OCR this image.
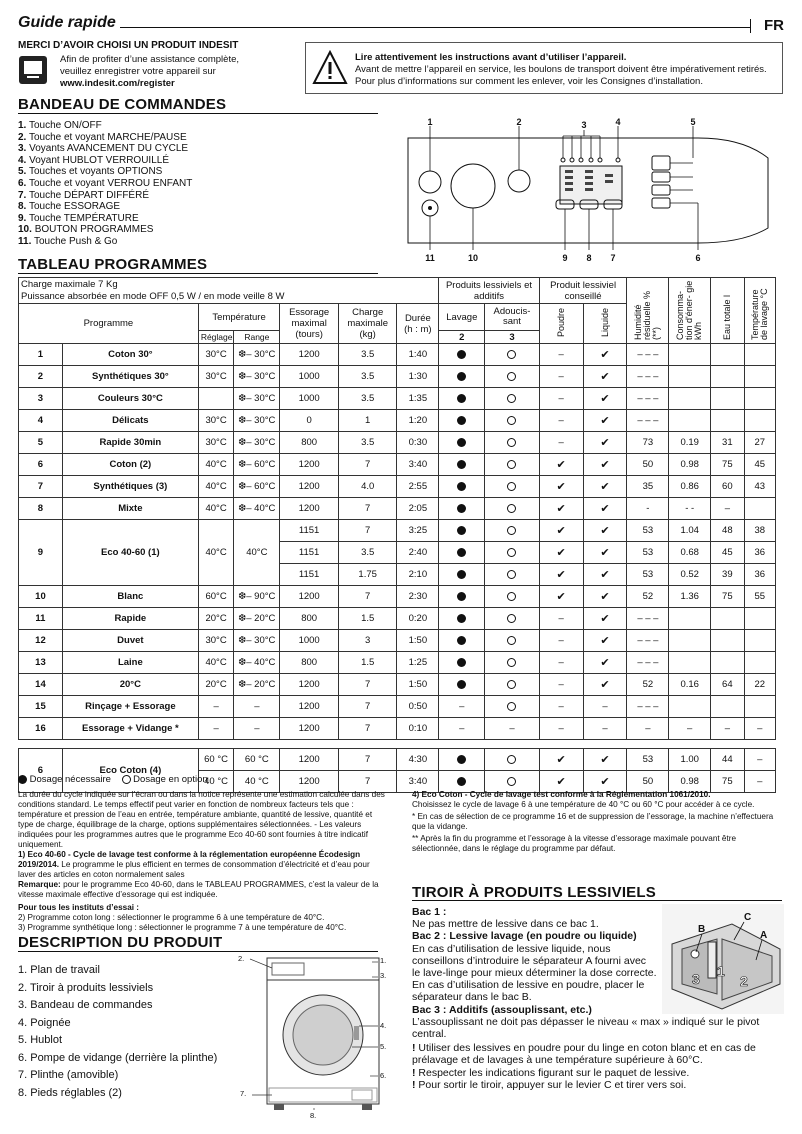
Guide rapide	FR
MERCI D’AVOIR CHOISI UN PRODUIT INDESIT
Afin de profiter d’une assistance complète,
veuillez enregistrer votre appareil sur
www.indesit.com/register
Lire attentivement les instructions avant d’utiliser l’appareil.
Avant de mettre l’appareil en service, les boulons de transport doivent être impérativement retirés. Pour plus d’informations sur comment les enlever, voir les Consignes d’installation.
BANDEAU DE COMMANDES
1. Touche ON/OFF
2. Touche et voyant MARCHE/PAUSE
3. Voyants AVANCEMENT DU CYCLE
4. Voyant HUBLOT VERROUILLÉ
5. Touches et voyants OPTIONS
6. Touche et voyant VERROU ENFANT
7. Touche DÉPART DIFFÉRÉ
8. Touche ESSORAGE
9. Touche TEMPÉRATURE
10. BOUTON PROGRAMMES
11. Touche Push & Go
1	2	3	4	5
6
7
8
9
10
11
TABLEAU PROGRAMMES
Charge maximale 7 Kg							Produits lessiviels et additifs		Produit lessiviel conseillé		Humidité résiduelle % (**)	Consomma- tion d'éner- gie kWh	Eau totale l	Température de lavage °C
Puissance absorbée en mode OFF 0,5 W / en mode veille 8 W														
Programme		Température		Essorage maximal
(tours)	Charge maximale
(kg)	Durée
(h : m)	Lavage	Adoucis- sant	Poudre	Liquide				
		Réglage	Range				2	3						
1	Coton 30°	30°C	❆– 30°C	1200	3.5	1:40			–	✔	– – –			
2	Synthétiques 30°	30°C	❆– 30°C	1000	3.5	1:30			–	✔	– – –			
3	Couleurs 30°C		❆– 30°C	1000	3.5	1:35			–	✔	– – –			
4	Délicats	30°C	❆– 30°C	0	1	1:20			–	✔	– – –			
5	Rapide 30min	30°C	❆– 30°C	800	3.5	0:30			–	✔	73	0.19	31	27
6	Coton (2)	40°C	❆– 60°C	1200	7	3:40			✔	✔	50	0.98	75	45
7	Synthétiques (3)	40°C	❆– 60°C	1200	4.0	2:55			✔	✔	35	0.86	60	43
8	Mixte	40°C	❆– 40°C	1200	7	2:05			✔	✔	-	- -	–	
9	Eco 40-60 (1)	40°C	40°C	1151	7	3:25			✔	✔	53	1.04	48	38
				1151	3.5	2:40			✔	✔	53	0.68	45	36
				1151	1.75	2:10			✔	✔	53	0.52	39	36
10	Blanc	60°C	❆– 90°C	1200	7	2:30			✔	✔	52	1.36	75	55
11	Rapide	20°C	❆– 20°C	800	1.5	0:20			–	✔	– – –			
12	Duvet	30°C	❆– 30°C	1000	3	1:50			–	✔	– – –			
13	Laine	40°C	❆– 40°C	800	1.5	1:25			–	✔	– – –			
14	20°C	20°C	❆– 20°C	1200	7	1:50			–	✔	52	0.16	64	22
15	Rinçage + Essorage	–	–	1200	7	0:50	–		–	–	– – –			
16	Essorage + Vidange *	–	–	1200	7	0:10	–	–	–	–	–	–	–	–

6	Eco Coton (4)	60 °C	60 °C	1200	7	4:30			✔	✔	53	1.00	44	–
		40 °C	40 °C	1200	7	3:40			✔	✔	50	0.98	75	–
Dosage nécessaire Dosage en option

La durée du cycle indiquée sur l’écran ou dans la notice représente une estimation calculée dans des conditions standard. Le temps effectif peut varier en fonction de nombreux facteurs tels que : température et pression de l’eau en entrée, température ambiante, quantité de lessive, quantité et type de charge, équilibrage de la charge, options supplémentaires sélectionnées. - Les valeurs indiquées pour les programmes autres que le programme Eco 40-60 sont fournies à titre indicatif uniquement.

1) Eco 40-60 - Cycle de lavage test conforme à la réglementation européenne Écodesign 2019/2014. Le programme le plus efficient en termes de consommation d’électricité et d’eau pour laver des articles en coton normalement sales

Remarque: pour le programme Eco 40-60, dans le TABLEAU PROGRAMMES, c’est la valeur de la vitesse maximale effective d’essorage qui est indiquée.

Pour tous les instituts d’essai :

2) Programme coton long : sélectionner le programme 6 à une température de 40°C.

3) Programme synthétique long : sélectionner le programme 7 à une température de 40°C.

4) Eco Coton - Cycle de lavage test conforme à la Réglementation 1061/2010.

Choisissez le cycle de lavage 6 à une température de 40 °C ou 60 °C pour accéder à ce cycle.

* En cas de sélection de ce programme 16 et de suppression de l’essorage, la machine n’effectuera que la vidange.

** Après la fin du programme et l’essorage à la vitesse d’essorage maximale pouvant être sélectionnée, dans le réglage du programme par défaut.

DESCRIPTION DU PRODUIT
1. Plan de travail
2. Tiroir à produits lessiviels
3. Bandeau de commandes
4. Poignée
5. Hublot
6. Pompe de vidange (derrière la plinthe)
7. Plinthe (amovible)
8. Pieds réglables (2)
1.
2.
3.
4.
5.
6.
7.
8.
TIROIR À PRODUITS LESSIVIELS
Bac 1 :

Ne pas mettre de lessive dans ce bac 1.
Bac 2 : Lessive lavage (en poudre ou liquide)
En cas d’utilisation de lessive liquide, nous conseillons d’introduire le séparateur A fourni avec le lave-linge pour mieux déterminer la dose correcte.
En cas d’utilisation de lessive en poudre, placer le séparateur dans le bac B.
Bac 3 : Additifs (assouplissant, etc.)
L’assouplissant ne doit pas dépasser le niveau « max » indiqué sur le pivot central.

! Utiliser des lessives en poudre pour du linge en coton blanc et en cas de prélavage et de lavages à une température supérieure à 60°C.
! Respecter les indications figurant sur le paquet de lessive.
! Pour sortir le tiroir, appuyer sur le levier C et tirer vers soi.
B
C
A
1
2
3
